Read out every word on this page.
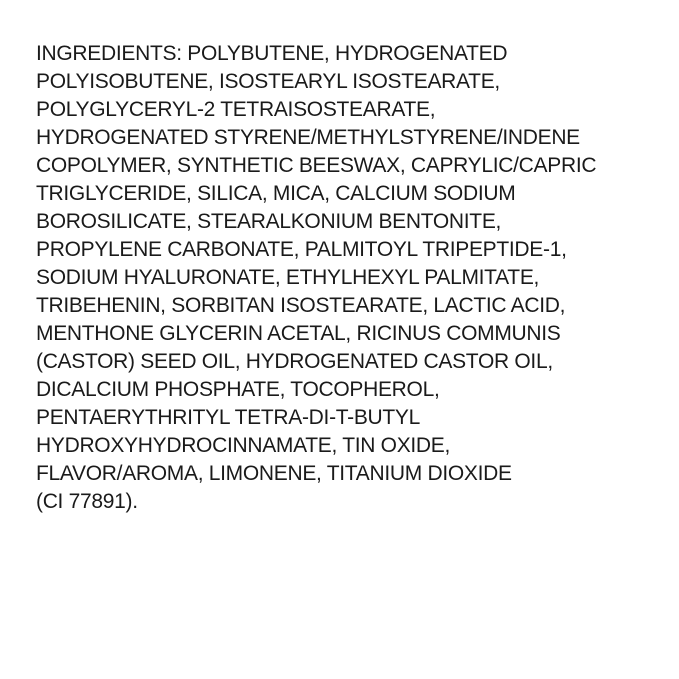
INGREDIENTS: POLYBUTENE, HYDROGENATED
POLYISOBUTENE, ISOSTEARYL ISOSTEARATE,
POLYGLYCERYL-2 TETRAISOSTEARATE,
HYDROGENATED STYRENE/METHYLSTYRENE/INDENE
COPOLYMER, SYNTHETIC BEESWAX, CAPRYLIC/CAPRIC
TRIGLYCERIDE, SILICA, MICA, CALCIUM SODIUM
BOROSILICATE, STEARALKONIUM BENTONITE,
PROPYLENE CARBONATE, PALMITOYL TRIPEPTIDE-1,
SODIUM HYALURONATE, ETHYLHEXYL PALMITATE,
TRIBEHENIN, SORBITAN ISOSTEARATE, LACTIC ACID,
MENTHONE GLYCERIN ACETAL, RICINUS COMMUNIS
(CASTOR) SEED OIL, HYDROGENATED CASTOR OIL,
DICALCIUM PHOSPHATE, TOCOPHEROL,
PENTAERYTHRITYL TETRA-DI-T-BUTYL
HYDROXYHYDROCINNAMATE, TIN OXIDE,
FLAVOR/AROMA, LIMONENE, TITANIUM DIOXIDE
(CI 77891).
